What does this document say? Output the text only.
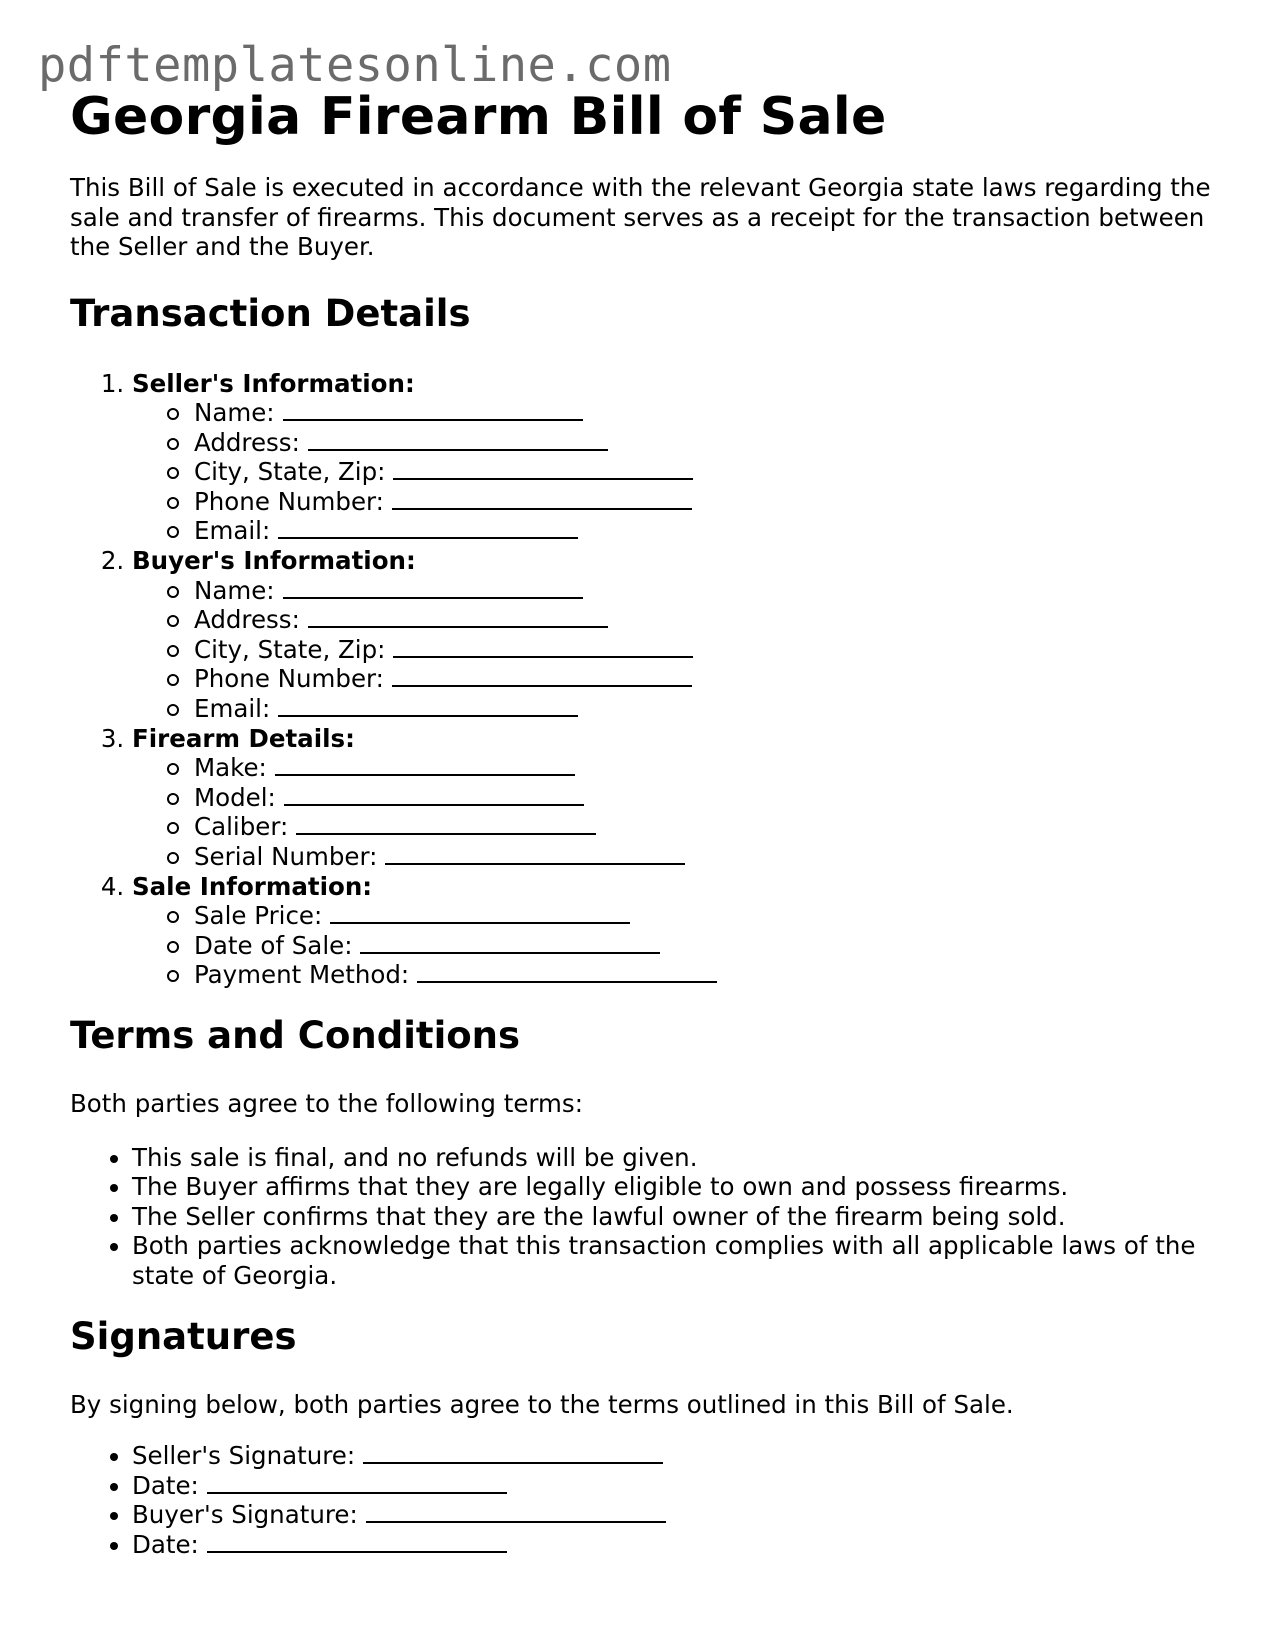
pdftemplatesonline.com
Georgia Firearm Bill of Sale

This Bill of Sale is executed in accordance with the relevant Georgia state laws regarding the sale and transfer of firearms. This document serves as a receipt for the transaction between the Seller and the Buyer.

Transaction Details
1. Seller's Information:
Name:
Address:
City, State, Zip:
Phone Number:
Email:
2. Buyer's Information:
Name:
Address:
City, State, Zip:
Phone Number:
Email:
3. Firearm Details:
Make:
Model:
Caliber:
Serial Number:
4. Sale Information:
Sale Price:
Date of Sale:
Payment Method:
Terms and Conditions

Both parties agree to the following terms:

• This sale is final, and no refunds will be given.
• The Buyer affirms that they are legally eligible to own and possess firearms.
• The Seller confirms that they are the lawful owner of the firearm being sold.
• Both parties acknowledge that this transaction complies with all applicable laws of the state of Georgia.
Signatures

By signing below, both parties agree to the terms outlined in this Bill of Sale.

• Seller's Signature:
• Date:
• Buyer's Signature:
• Date:
